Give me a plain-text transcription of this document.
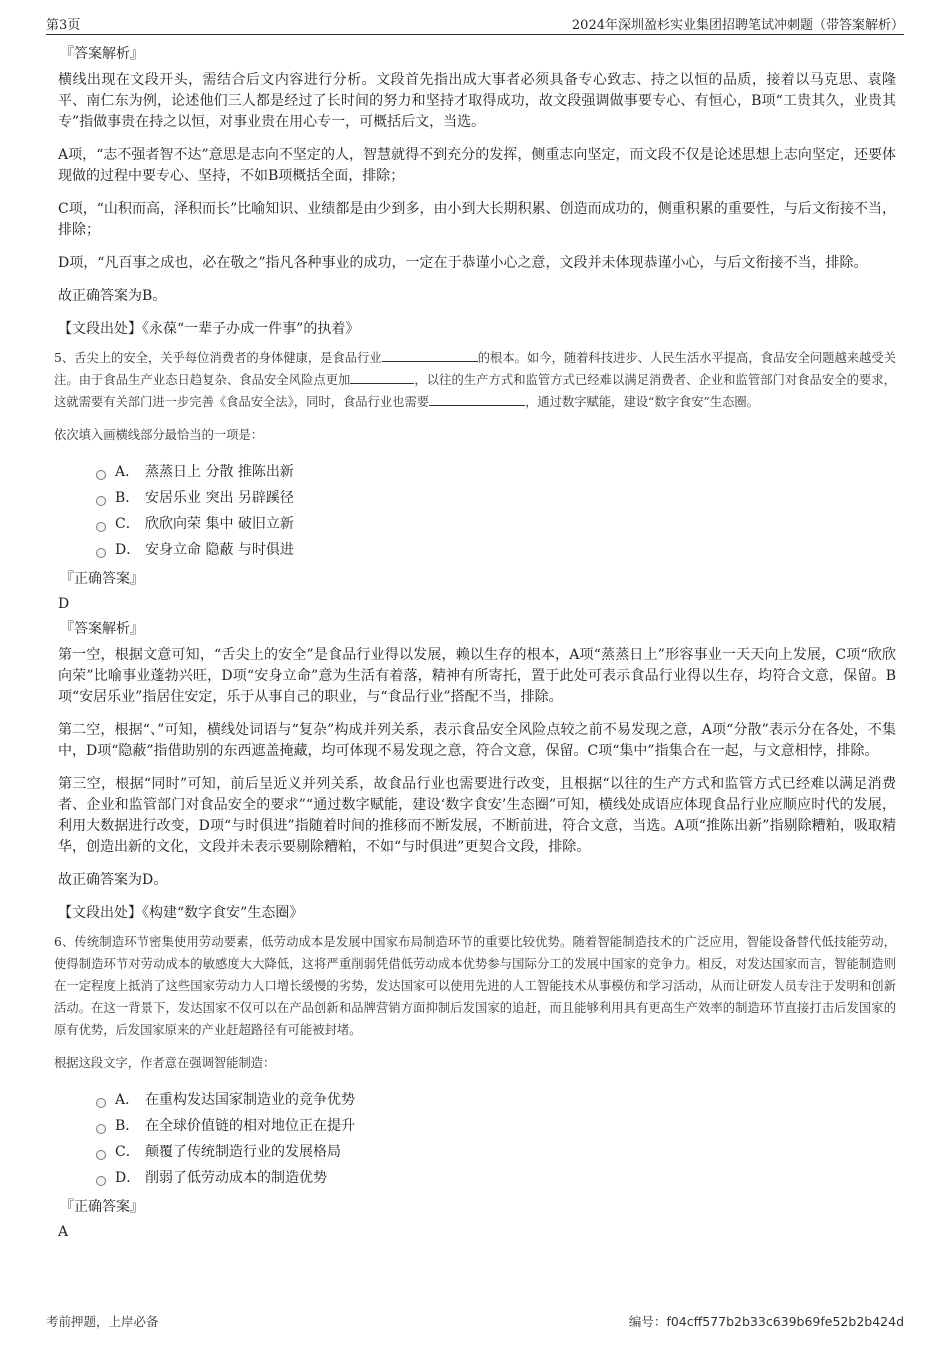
第3页	2024年深圳盈杉实业集团招聘笔试冲刺题（带答案解析）
『答案解析』

横线出现在文段开头，需结合后文内容进行分析。文段首先指出成大事者必须具备专心致志、持之以恒的品质，接着以马克思、袁隆平、南仁东为例，论述他们三人都是经过了长时间的努力和坚持才取得成功，故文段强调做事要专心、有恒心，B项“工贵其久，业贵其专”指做事贵在持之以恒，对事业贵在用心专一，可概括后文，当选。

A项，“志不强者智不达”意思是志向不坚定的人，智慧就得不到充分的发挥，侧重志向坚定，而文段不仅是论述思想上志向坚定，还要体现做的过程中要专心、坚持，不如B项概括全面，排除；

C项，“山积而高，泽积而长”比喻知识、业绩都是由少到多，由小到大长期积累、创造而成功的，侧重积累的重要性，与后文衔接不当，排除；

D项，“凡百事之成也，必在敬之”指凡各种事业的成功，一定在于恭谨小心之意，文段并未体现恭谨小心，与后文衔接不当，排除。

故正确答案为B。

【文段出处】《永葆“一辈子办成一件事”的执着》

5、舌尖上的安全，关乎每位消费者的身体健康，是食品行业	的根本。如今，随着科技进步、人民生活水平提高，食品安全问题越来越受关注。由于食品生产业态日趋复杂、食品安全风险点更加	，以往的生产方式和监管方式已经难以满足消费者、企业和监管部门对食品安全的要求，这就需要有关部门进一步完善《食品安全法》，同时，食品行业也需要	，通过数字赋能，建设“数字食安”生态圈。

依次填入画横线部分最恰当的一项是：
A． 蒸蒸日上 分散 推陈出新
B． 安居乐业 突出 另辟蹊径
C． 欣欣向荣 集中 破旧立新
D． 安身立命 隐蔽 与时俱进
『正确答案』
D
『答案解析』

第一空，根据文意可知，“舌尖上的安全”是食品行业得以发展，赖以生存的根本，A项“蒸蒸日上”形容事业一天天向上发展，C项“欣欣向荣”比喻事业蓬勃兴旺，D项“安身立命”意为生活有着落，精神有所寄托，置于此处可表示食品行业得以生存，均符合文意，保留。B项“安居乐业”指居住安定，乐于从事自己的职业，与“食品行业”搭配不当，排除。

第二空，根据“、”可知，横线处词语与“复杂”构成并列关系，表示食品安全风险点较之前不易发现之意，A项“分散”表示分在各处，不集中，D项“隐蔽”指借助别的东西遮盖掩藏，均可体现不易发现之意，符合文意，保留。C项“集中”指集合在一起，与文意相悖，排除。

第三空，根据“同时”可知，前后呈近义并列关系，故食品行业也需要进行改变，且根据“以往的生产方式和监管方式已经难以满足消费者、企业和监管部门对食品安全的要求”“通过数字赋能，建设‘数字食安’生态圈”可知，横线处成语应体现食品行业应顺应时代的发展，利用大数据进行改变，D项“与时俱进”指随着时间的推移而不断发展，不断前进，符合文意，当选。A项“推陈出新”指剔除糟粕，吸取精华，创造出新的文化，文段并未表示要剔除糟粕，不如“与时俱进”更契合文段，排除。

故正确答案为D。

【文段出处】《构建“数字食安”生态圈》

6、传统制造环节密集使用劳动要素，低劳动成本是发展中国家布局制造环节的重要比较优势。随着智能制造技术的广泛应用，智能设备替代低技能劳动，使得制造环节对劳动成本的敏感度大大降低，这将严重削弱凭借低劳动成本优势参与国际分工的发展中国家的竞争力。相反，对发达国家而言，智能制造则在一定程度上抵消了这些国家劳动力人口增长缓慢的劣势，发达国家可以使用先进的人工智能技术从事模仿和学习活动，从而让研发人员专注于发明和创新活动。在这一背景下，发达国家不仅可以在产品创新和品牌营销方面抑制后发国家的追赶，而且能够利用具有更高生产效率的制造环节直接打击后发国家的原有优势，后发国家原来的产业赶超路径有可能被封堵。

根据这段文字，作者意在强调智能制造：
A． 在重构发达国家制造业的竞争优势
B． 在全球价值链的相对地位正在提升
C． 颠覆了传统制造行业的发展格局
D． 削弱了低劳动成本的制造优势
『正确答案』
A
考前押题，上岸必备	编号：f04cff577b2b33c639b69fe52b2b424d
